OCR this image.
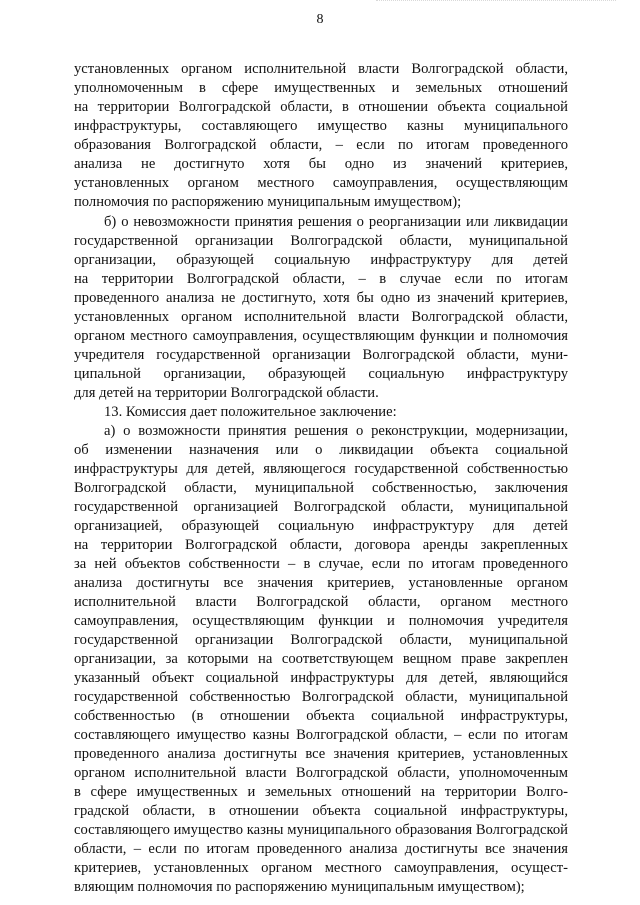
8
установленных органом исполнительной власти Волгоградской области,
уполномоченным в сфере имущественных и земельных отношений
на территории Волгоградской области, в отношении объекта социальной
инфраструктуры, составляющего имущество казны муниципального
образования Волгоградской области, – если по итогам проведенного
анализа не достигнуто хотя бы одно из значений критериев,
установленных органом местного самоуправления, осуществляющим
полномочия по распоряжению муниципальным имуществом);
б) о невозможности принятия решения о реорганизации или ликвидации
государственной организации Волгоградской области, муниципальной
организации, образующей социальную инфраструктуру для детей
на территории Волгоградской области, – в случае если по итогам
проведенного анализа не достигнуто, хотя бы одно из значений критериев,
установленных органом исполнительной власти Волгоградской области,
органом местного самоуправления, осуществляющим функции и полномочия
учредителя государственной организации Волгоградской области, муни-
ципальной организации, образующей социальную инфраструктуру
для детей на территории Волгоградской области.
13. Комиссия дает положительное заключение:
а) о возможности принятия решения о реконструкции, модернизации,
об изменении назначения или о ликвидации объекта социальной
инфраструктуры для детей, являющегося государственной собственностью
Волгоградской области, муниципальной собственностью, заключения
государственной организацией Волгоградской области, муниципальной
организацией, образующей социальную инфраструктуру для детей
на территории Волгоградской области, договора аренды закрепленных
за ней объектов собственности – в случае, если по итогам проведенного
анализа достигнуты все значения критериев, установленные органом
исполнительной власти Волгоградской области, органом местного
самоуправления, осуществляющим функции и полномочия учредителя
государственной организации Волгоградской области, муниципальной
организации, за которыми на соответствующем вещном праве закреплен
указанный объект социальной инфраструктуры для детей, являющийся
государственной собственностью Волгоградской области, муниципальной
собственностью (в отношении объекта социальной инфраструктуры,
составляющего имущество казны Волгоградской области, – если по итогам
проведенного анализа достигнуты все значения критериев, установленных
органом исполнительной власти Волгоградской области, уполномоченным
в сфере имущественных и земельных отношений на территории Волго-
градской области, в отношении объекта социальной инфраструктуры,
составляющего имущество казны муниципального образования Волгоградской
области, – если по итогам проведенного анализа достигнуты все значения
критериев, установленных органом местного самоуправления, осущест-
вляющим полномочия по распоряжению муниципальным имуществом);
